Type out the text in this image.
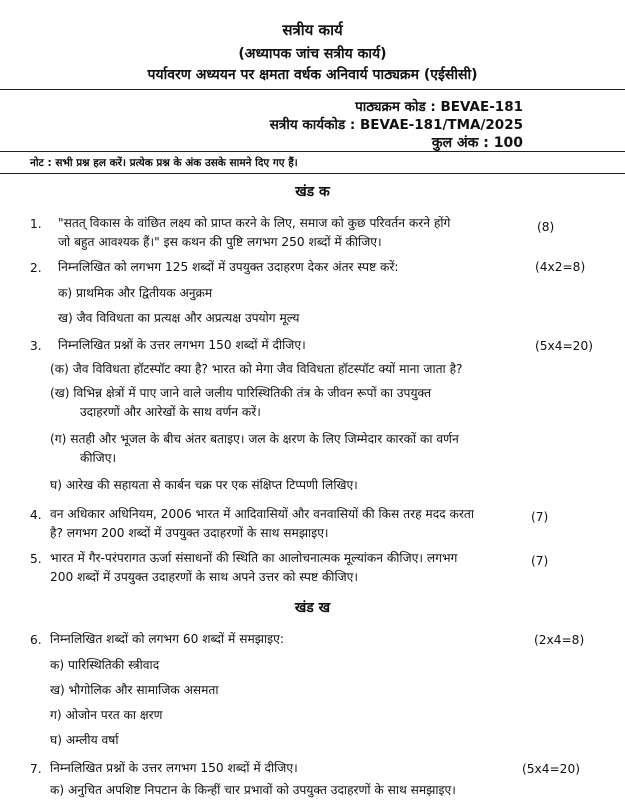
सत्रीय कार्य
(अध्यापक जांच सत्रीय कार्य)
पर्यावरण अध्ययन पर क्षमता वर्धक अनिवार्य पाठ्यक्रम (एईसीसी)
पाठ्यक्रम कोड : BEVAE-181
सत्रीय कार्यकोड : BEVAE-181/TMA/2025
कुल अंक : 100
नोट : सभी प्रश्न हल करें। प्रत्येक प्रश्न के अंक उसके सामने दिए गए हैं।
खंड क
1. "सतत् विकास के वांछित लक्ष्य को प्राप्त करने के लिए, समाज को कुछ परिवर्तन करने होंगे
जो बहुत आवश्यक हैं।" इस कथन की पुष्टि लगभग 250 शब्दों में कीजिए।
(8)
2. निम्नलिखित को लगभग 125 शब्दों में उपयुक्त उदाहरण देकर अंतर स्पष्ट करें:	(4x2=8)
क) प्राथमिक और द्वितीयक अनुक्रम
ख) जैव विविधता का प्रत्यक्ष और अप्रत्यक्ष उपयोग मूल्य
3. निम्नलिखित प्रश्नों के उत्तर लगभग 150 शब्दों में दीजिए।	(5x4=20)
(क) जैव विविधता हॉटस्पॉट क्या है? भारत को मेगा जैव विविधता हॉटस्पॉट क्यों माना जाता है?
(ख) विभिन्न क्षेत्रों में पाए जाने वाले जलीय पारिस्थितिकी तंत्र के जीवन रूपों का उपयुक्त
उदाहरणों और आरेखों के साथ वर्णन करें।
(ग) सतही और भूजल के बीच अंतर बताइए। जल के क्षरण के लिए जिम्मेदार कारकों का वर्णन
कीजिए।
घ) आरेख की सहायता से कार्बन चक्र पर एक संक्षिप्त टिप्पणी लिखिए।
4. वन अधिकार अधिनियम, 2006 भारत में आदिवासियों और वनवासियों की किस तरह मदद करता
है? लगभग 200 शब्दों में उपयुक्त उदाहरणों के साथ समझाइए।
(7)
5. भारत में गैर-परंपरागत ऊर्जा संसाधनों की स्थिति का आलोचनात्मक मूल्यांकन कीजिए। लगभग
200 शब्दों में उपयुक्त उदाहरणों के साथ अपने उत्तर को स्पष्ट कीजिए।
(7)
खंड ख
6. निम्नलिखित शब्दों को लगभग 60 शब्दों में समझाइए:	(2x4=8)
क) पारिस्थितिकी स्त्रीवाद
ख) भौगोलिक और सामाजिक असमता
ग) ओजोन परत का क्षरण
घ) अम्लीय वर्षा
7. निम्नलिखित प्रश्नों के उत्तर लगभग 150 शब्दों में दीजिए।	(5x4=20)
क) अनुचित अपशिष्ट निपटान के किन्हीं चार प्रभावों को उपयुक्त उदाहरणों के साथ समझाइए।
